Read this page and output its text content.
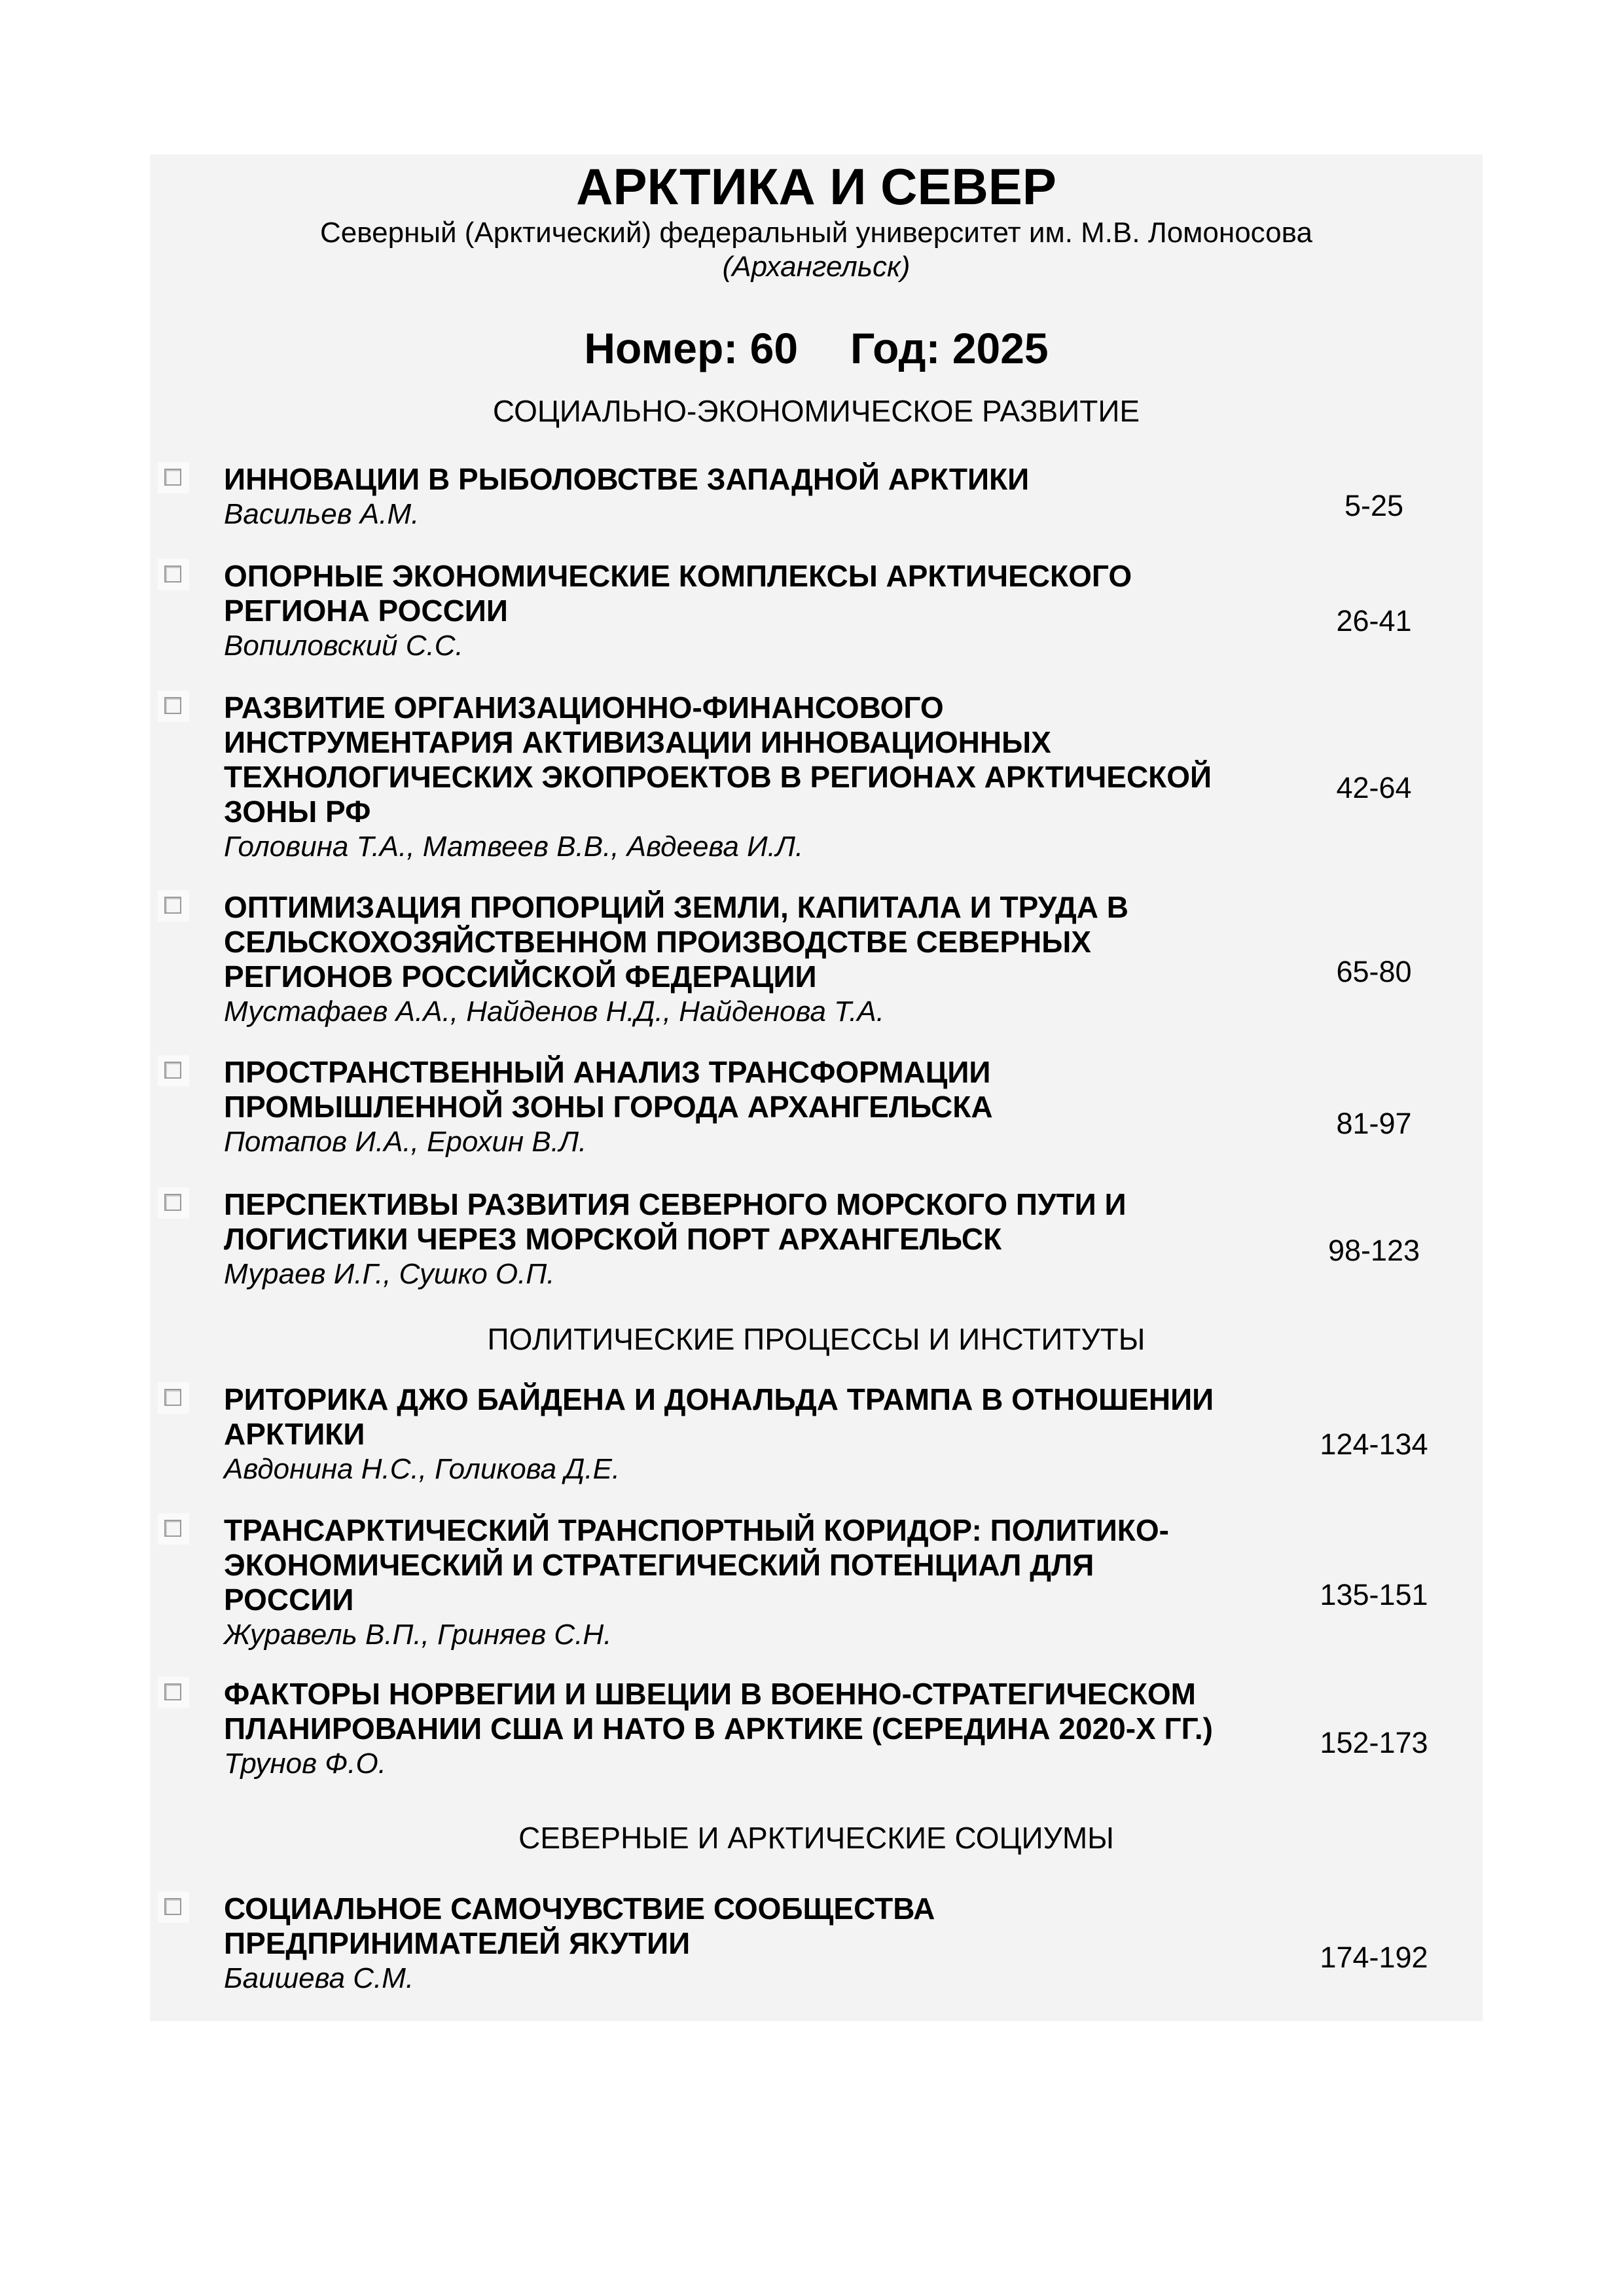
АРКТИКА И СЕВЕР
Северный (Арктический) федеральный университет им. М.В. Ломоносова
(Архангельск)
Номер: 60 Год: 2025
СОЦИАЛЬНО-ЭКОНОМИЧЕСКОЕ РАЗВИТИЕ
ПОЛИТИЧЕСКИЕ ПРОЦЕССЫ И ИНСТИТУТЫ
СЕВЕРНЫЕ И АРКТИЧЕСКИЕ СОЦИУМЫ
ИННОВАЦИИ В РЫБОЛОВСТВЕ ЗАПАДНОЙ АРКТИКИ
Васильев А.М.	5-25
ОПОРНЫЕ ЭКОНОМИЧЕСКИЕ КОМПЛЕКСЫ АРКТИЧЕСКОГО
РЕГИОНА РОССИИ
Вопиловский С.С.
26-41
РАЗВИТИЕ ОРГАНИЗАЦИОННО-ФИНАНСОВОГО
ИНСТРУМЕНТАРИЯ АКТИВИЗАЦИИ ИННОВАЦИОННЫХ
ТЕХНОЛОГИЧЕСКИХ ЭКОПРОЕКТОВ В РЕГИОНАХ АРКТИЧЕСКОЙ
ЗОНЫ РФ
Головина Т.А., Матвеев В.В., Авдеева И.Л.
42-64
ОПТИМИЗАЦИЯ ПРОПОРЦИЙ ЗЕМЛИ, КАПИТАЛА И ТРУДА В
СЕЛЬСКОХОЗЯЙСТВЕННОМ ПРОИЗВОДСТВЕ СЕВЕРНЫХ
РЕГИОНОВ РОССИЙСКОЙ ФЕДЕРАЦИИ
Мустафаев А.А., Найденов Н.Д., Найденова Т.А.
65-80
ПРОСТРАНСТВЕННЫЙ АНАЛИЗ ТРАНСФОРМАЦИИ
ПРОМЫШЛЕННОЙ ЗОНЫ ГОРОДА АРХАНГЕЛЬСКА
Потапов И.А., Ерохин В.Л.
81-97
ПЕРСПЕКТИВЫ РАЗВИТИЯ СЕВЕРНОГО МОРСКОГО ПУТИ И
ЛОГИСТИКИ ЧЕРЕЗ МОРСКОЙ ПОРТ АРХАНГЕЛЬСК
Мураев И.Г., Сушко О.П.
98-123
РИТОРИКА ДЖО БАЙДЕНА И ДОНАЛЬДА ТРАМПА В ОТНОШЕНИИ
АРКТИКИ
Авдонина Н.С., Голикова Д.Е.
124-134
ТРАНСАРКТИЧЕСКИЙ ТРАНСПОРТНЫЙ КОРИДОР: ПОЛИТИКО-
ЭКОНОМИЧЕСКИЙ И СТРАТЕГИЧЕСКИЙ ПОТЕНЦИАЛ ДЛЯ
РОССИИ
Журавель В.П., Гриняев С.Н.
135-151
ФАКТОРЫ НОРВЕГИИ И ШВЕЦИИ В ВОЕННО-СТРАТЕГИЧЕСКОМ
ПЛАНИРОВАНИИ США И НАТО В АРКТИКЕ (СЕРЕДИНА 2020-Х ГГ.)
Трунов Ф.О.
152-173
СОЦИАЛЬНОЕ САМОЧУВСТВИЕ СООБЩЕСТВА
ПРЕДПРИНИМАТЕЛЕЙ ЯКУТИИ
Баишева С.М.
174-192
